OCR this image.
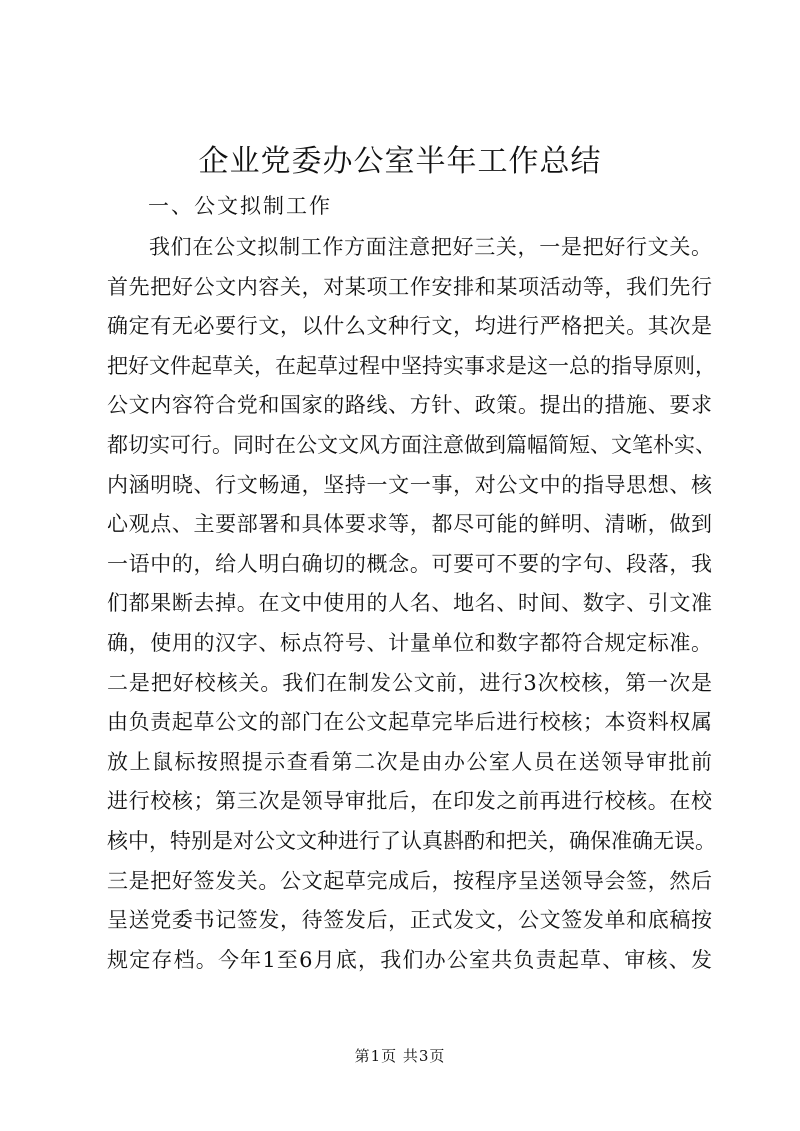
企业党委办公室半年工作总结

一、公文拟制工作

我们在公文拟制工作方面注意把好三关，一是把好行文关。

首先把好公文内容关，对某项工作安排和某项活动等，我们先行

确定有无必要行文，以什么文种行文，均进行严格把关。其次是

把好文件起草关，在起草过程中坚持实事求是这一总的指导原则，

公文内容符合党和国家的路线、方针、政策。提出的措施、要求

都切实可行。同时在公文文风方面注意做到篇幅简短、文笔朴实、

内涵明晓、行文畅通，坚持一文一事，对公文中的指导思想、核

心观点、主要部署和具体要求等，都尽可能的鲜明、清晰，做到

一语中的，给人明白确切的概念。可要可不要的字句、段落，我

们都果断去掉。在文中使用的人名、地名、时间、数字、引文准

确，使用的汉字、标点符号、计量单位和数字都符合规定标准。

二是把好校核关。我们在制发公文前，进行3次校核，第一次是

由负责起草公文的部门在公文起草完毕后进行校核；本资料权属

放上鼠标按照提示查看第二次是由办公室人员在送领导审批前

进行校核；第三次是领导审批后，在印发之前再进行校核。在校

核中，特别是对公文文种进行了认真斟酌和把关，确保准确无误。

三是把好签发关。公文起草完成后，按程序呈送领导会签，然后

呈送党委书记签发，待签发后，正式发文，公文签发单和底稿按

规定存档。今年1至6月底，我们办公室共负责起草、审核、发

第1页 共3页
